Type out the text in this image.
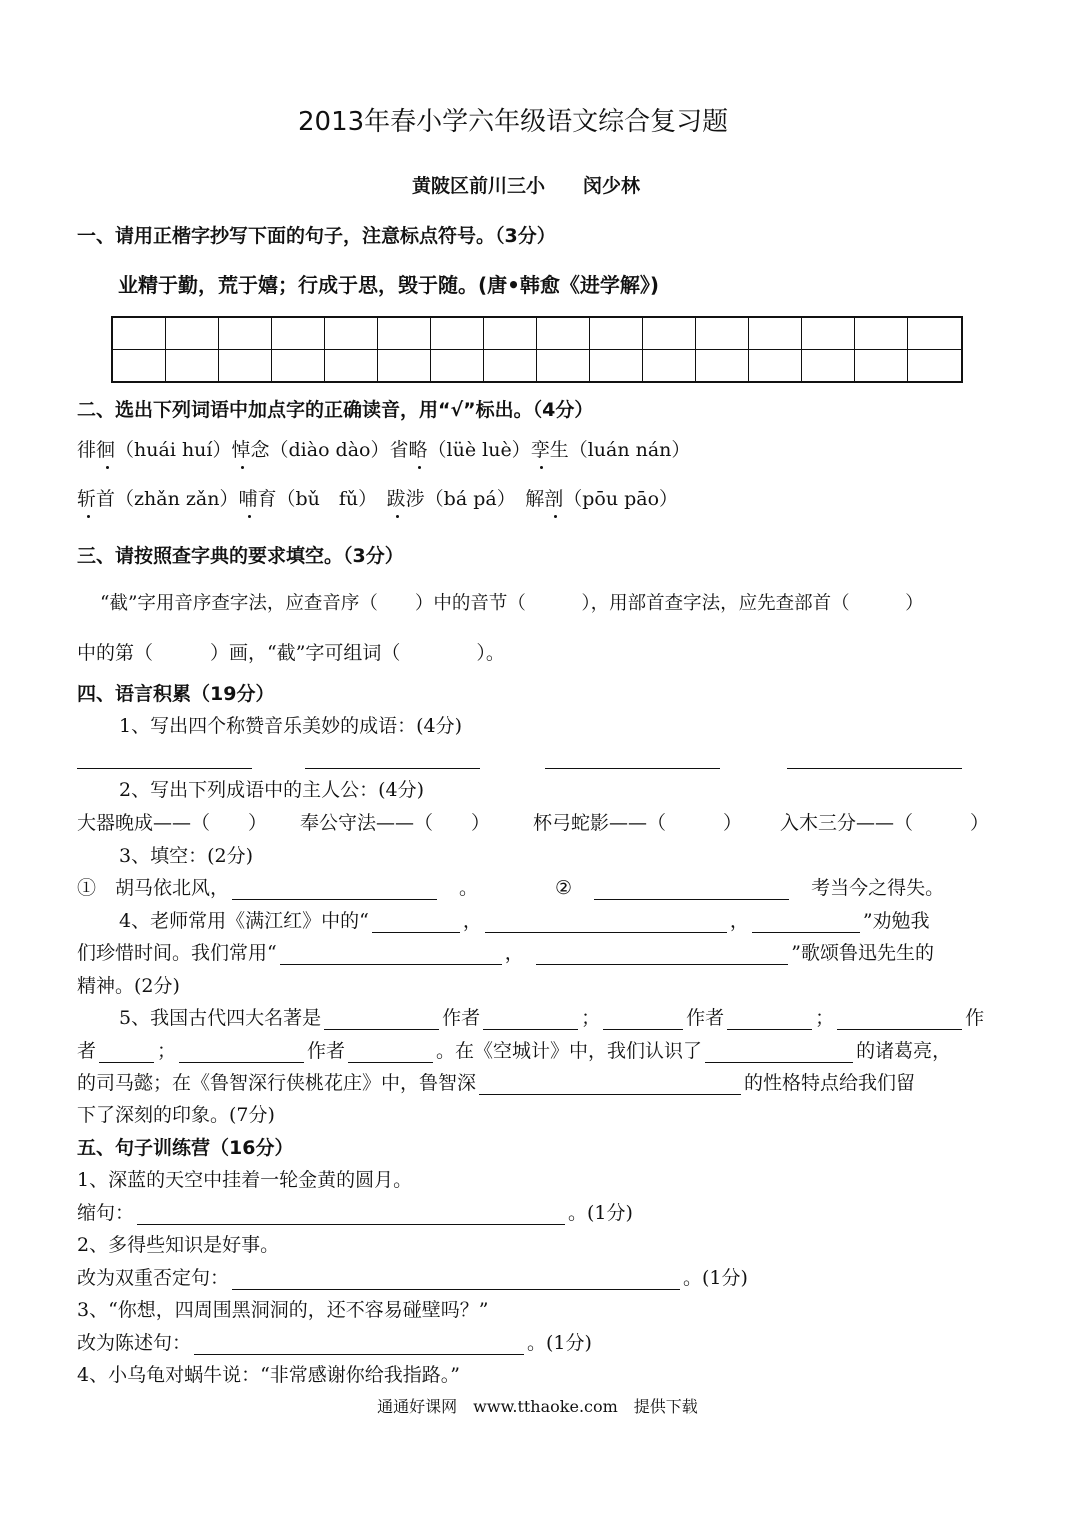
2013年春小学六年级语文综合复习题
黄陂区前川三小　　闵少林
一、请用正楷字抄写下面的句子，注意标点符号。（3分）
业精于勤，荒于嬉；行成于思，毁于随。(唐•韩愈《进学解》)
二、选出下列词语中加点字的正确读音，用“√”标出。（4分）
徘徊
（huái huí）悼
念（diào dào）省略
（lüè luè）孪
生（luán nán）
斩
首（zhǎn zǎn）哺
育（bǔ　fǔ）　 跋
涉（bá pá）　 解剖
（pōu pāo）
三、请按照查字典的要求填空。（3分）
“截”字用音序查字法，应查音序（　　）中的音节（　　　），用部首查字法，应先查部首（　　　）
中的第（　　　）画，“截”字可组词（　　　　）。
四、语言积累（19分）
1、写出四个称赞音乐美妙的成语：(4分)
2、写出下列成语中的主人公：(4分)
大器晚成——（　　） 奉公守法——（　　） 杯弓蛇影——（　　　） 入木三分——（　　　）
3、填空：(2分)
①　胡马依北风，　	。	②　　	考当今之得失。
4、老师常用《满江红》中的“	，	，	”劝勉我
们珍惜时间。我们常用“	，　	”歌颂鲁迅先生的
精神。(2分)
5、我国古代四大名著是	作者	；	作者	；	作
者	；	作者	。在《空城计》中，我们认识了	的诸葛亮，
的司马懿；在《鲁智深行侠桃花庄》中，鲁智深	的性格特点给我们留
下了深刻的印象。(7分)
五、句子训练营（16分）
1、深蓝的天空中挂着一轮金黄的圆月。
缩句：	。(1分)
2、多得些知识是好事。
改为双重否定句：	。(1分)
3、“你想，四周围黑洞洞的，还不容易碰壁吗？”
改为陈述句：	。(1分)
4、小乌龟对蜗牛说：“非常感谢你给我指路。”
通通好课网　www.tthaoke.com　提供下载
